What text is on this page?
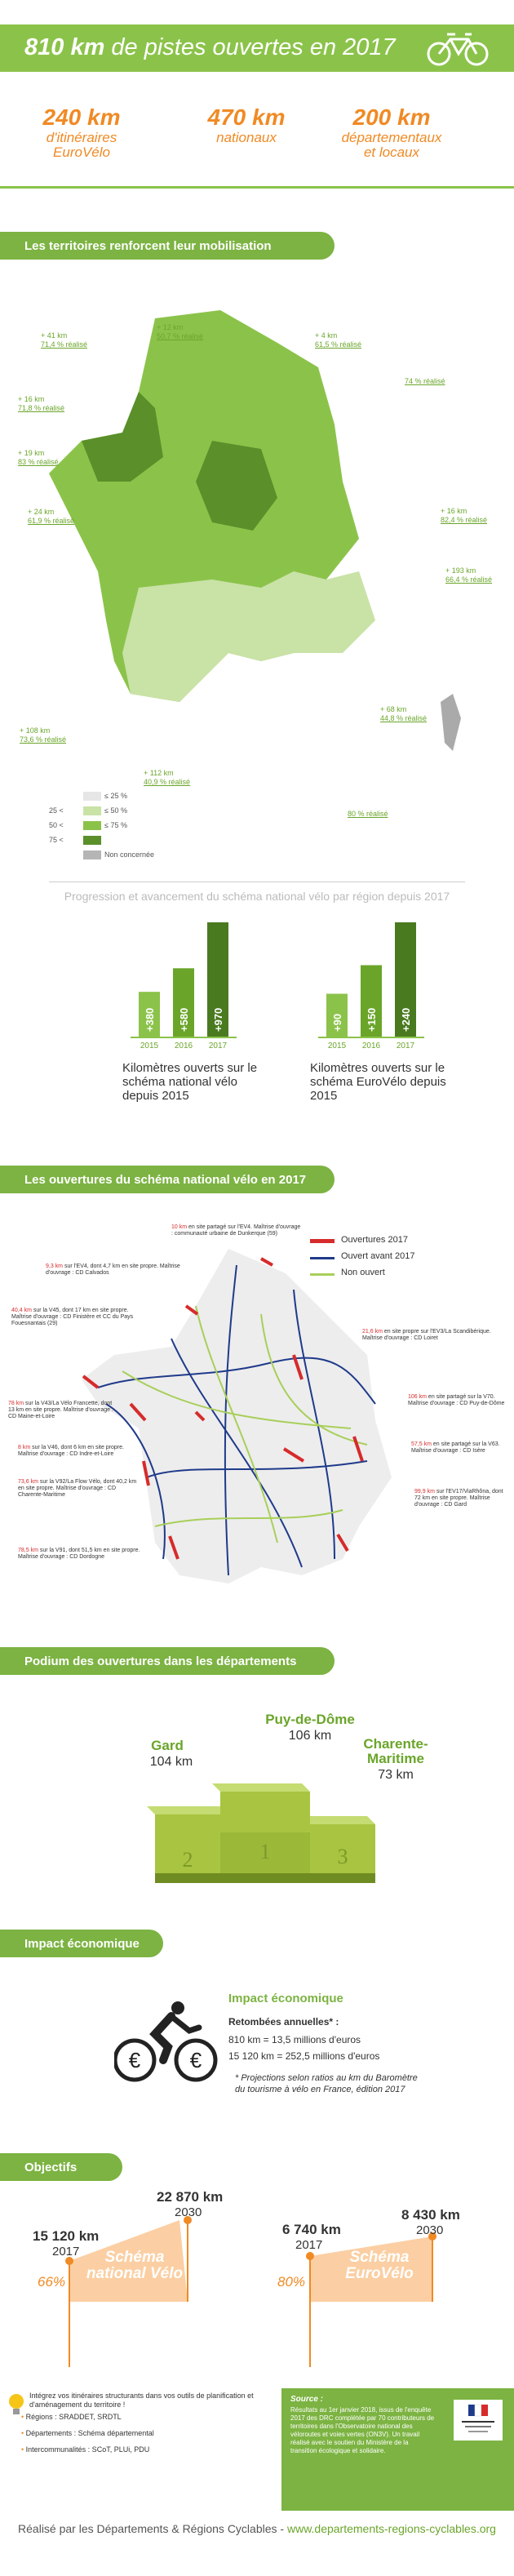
810 km de pistes ouvertes en 2017
240 km
d'itinéraires
EuroVélo
470 km
nationaux
200 km
départementaux
et locaux
Les territoires renforcent leur mobilisation
+ 41 km
71,4 % réalisé
+ 12 km
50,7 % réalisé	+ 4 km
61,5 % réalisé
74 % réalisé
+ 16 km
71,8 % réalisé
+ 19 km
83 % réalisé
+ 16 km
82,4 % réalisé
+ 24 km
61,9 % réalisé
+ 193 km
66,4 % réalisé
+ 108 km
73,6 % réalisé
+ 112 km
40,9 % réalisé
+ 68 km
44,8 % réalisé
80 % réalisé
≤ 25 %
25 <	≤ 50 %
50 <	≤ 75 %
75 <
Non concernée
Progression et avancement du schéma national vélo par région depuis 2017
+380
2015
+580
2016
+970
2017
+90
2015
+150
2016
+240
2017
Kilomètres ouverts sur le schéma national vélo depuis 2015
Kilomètres ouverts sur le schéma EuroVélo depuis 2015
Les ouvertures du schéma national vélo en 2017
Ouvertures 2017
Ouvert avant 2017
Non ouvert
10 km en site partagé sur l'EV4. Maîtrise d'ouvrage : communauté urbaine de Dunkerque (59)
9,3 km sur l'EV4, dont 4,7 km en site propre. Maîtrise d'ouvrage : CD Calvados
40,4 km sur la V45, dont 17 km en site propre. Maîtrise d'ouvrage : CD Finistère et CC du Pays Fouesnantais (29)
21,6 km en site propre sur l'EV3/La Scandibérique. Maîtrise d'ouvrage : CD Loiret
106 km en site partagé sur la V70. Maîtrise d'ouvrage : CD Puy-de-Dôme
78 km sur la V43/La Vélo Francette, dont 13 km en site propre. Maîtrise d'ouvrage : CD Maine-et-Loire
8 km sur la V46, dont 6 km en site propre. Maîtrise d'ouvrage : CD Indre-et-Loire
73,6 km sur la V92/La Flow Vélo, dont 40,2 km en site propre. Maîtrise d'ouvrage : CD Charente-Maritime
57,5 km en site partagé sur la V63. Maîtrise d'ouvrage : CD Isère
99,9 km sur l'EV17/ViaRhôna, dont 72 km en site propre. Maîtrise d'ouvrage : CD Gard
78,5 km sur la V91, dont 51,5 km en site propre. Maîtrise d'ouvrage : CD Dordogne
Podium des ouvertures dans les départements
1
2	3
Puy-de-Dôme
106 km
Gard
104 km
Charente-Maritime
73 km
Impact économique
€ €
Impact économique
Retombées annuelles* :
810 km = 13,5 millions d'euros
15 120 km = 252,5 millions d'euros
* Projections selon ratios au km du Baromètre
du tourisme à vélo en France, édition 2017
Objectifs
15 120 km
2017
22 870 km
2030
66%
Schéma
national Vélo
6 740 km
2017
8 430 km
2030
80%
Schéma
EuroVélo
Intégrez vos itinéraires structurants dans vos outils de planification et d'aménagement du territoire !
• Régions : SRADDET, SRDTL
• Départements : Schéma départemental
• Intercommunalités : SCoT, PLUi, PDU
Source :
Résultats au 1er janvier 2018, issus de l'enquête 2017 des DRC complétée par 70 contributeurs de territoires dans l'Observatoire national des véloroutes et voies vertes (ON3V). Un travail réalisé avec le soutien du Ministère de la transition écologique et solidaire.
Réalisé par les Départements & Régions Cyclables - www.departements-regions-cyclables.org
